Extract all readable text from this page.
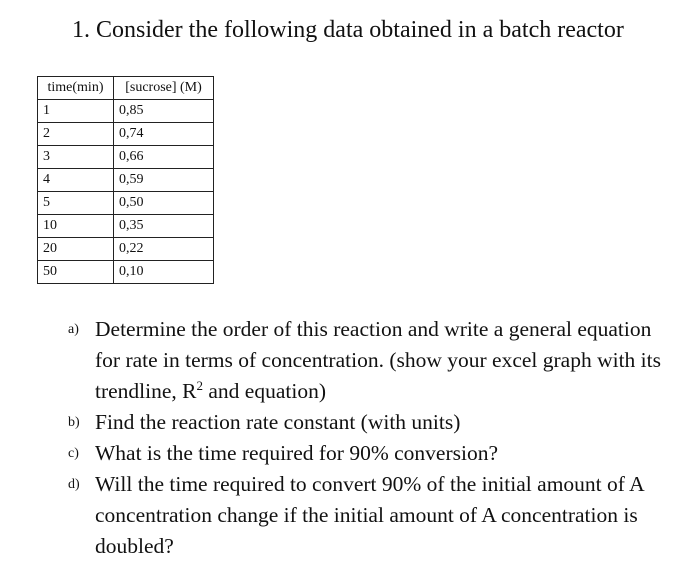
1. Consider the following data obtained in a batch reactor
time(min)	[sucrose] (M)
1	0,85
2	0,74
3	0,66
4	0,59
5	0,50
10	0,35
20	0,22
50	0,10
a) Determine the order of this reaction and write a general equation for rate in terms of concentration. (show your excel graph with its trendline, $R^2$ and equation)
b) Find the reaction rate constant (with units)
c) What is the time required for 90% conversion?
d) Will the time required to convert 90% of the initial amount of A concentration change if the initial amount of A concentration is doubled?
